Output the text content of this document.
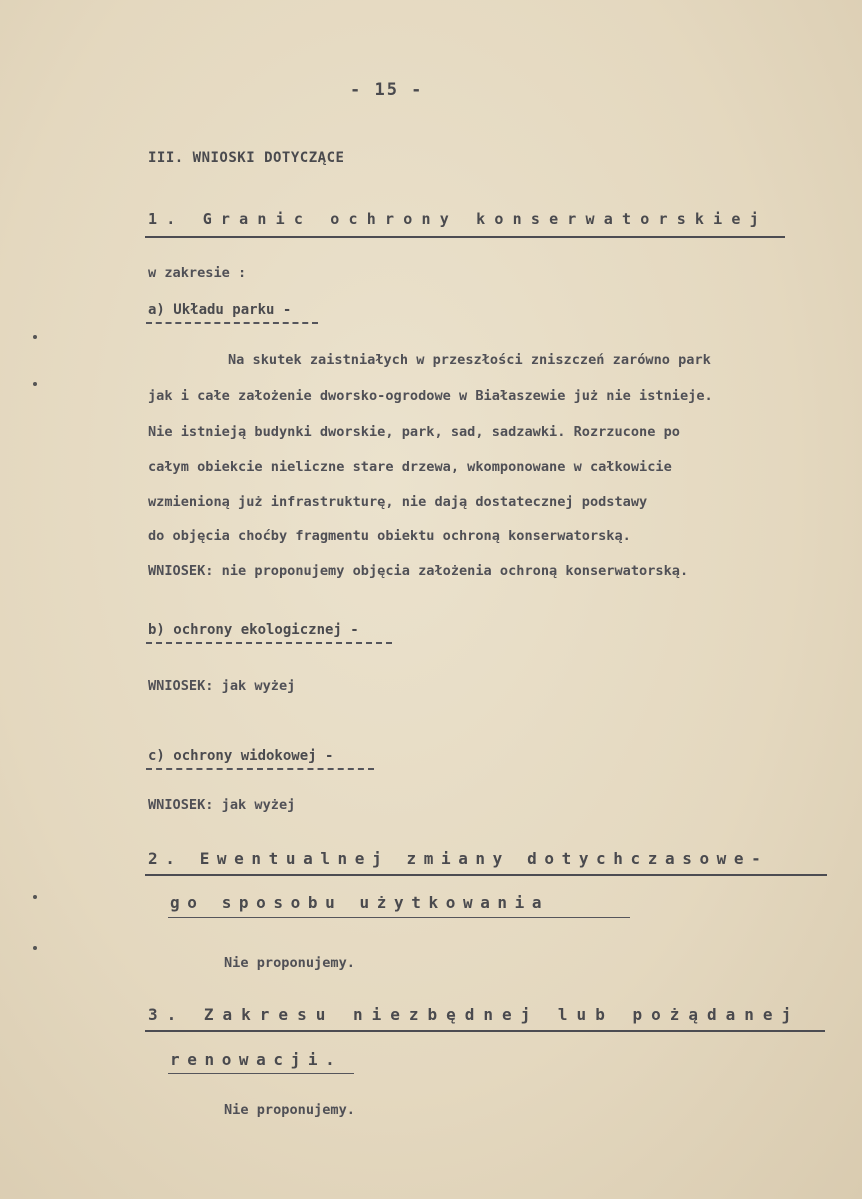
- 15 -
III. WNIOSKI DOTYCZĄCE
1. Granic ochrony konserwatorskiej
w zakresie :
a) Układu parku -
Na skutek zaistniałych w przeszłości zniszczeń zarówno park
jak i całe założenie dworsko-ogrodowe w Białaszewie już nie istnieje.
Nie istnieją budynki dworskie, park, sad, sadzawki. Rozrzucone po
całym obiekcie nieliczne stare drzewa, wkomponowane w całkowicie
wzmienioną już infrastrukturę, nie dają dostatecznej podstawy
do objęcia choćby fragmentu obiektu ochroną konserwatorską.
WNIOSEK: nie proponujemy objęcia założenia ochroną konserwatorską.
b) ochrony ekologicznej -
WNIOSEK: jak wyżej
c) ochrony widokowej -
WNIOSEK: jak wyżej
2. Ewentualnej zmiany dotychczasowe-
go sposobu użytkowania
Nie proponujemy.
3. Zakresu niezbędnej lub pożądanej
renowacji.
Nie proponujemy.
